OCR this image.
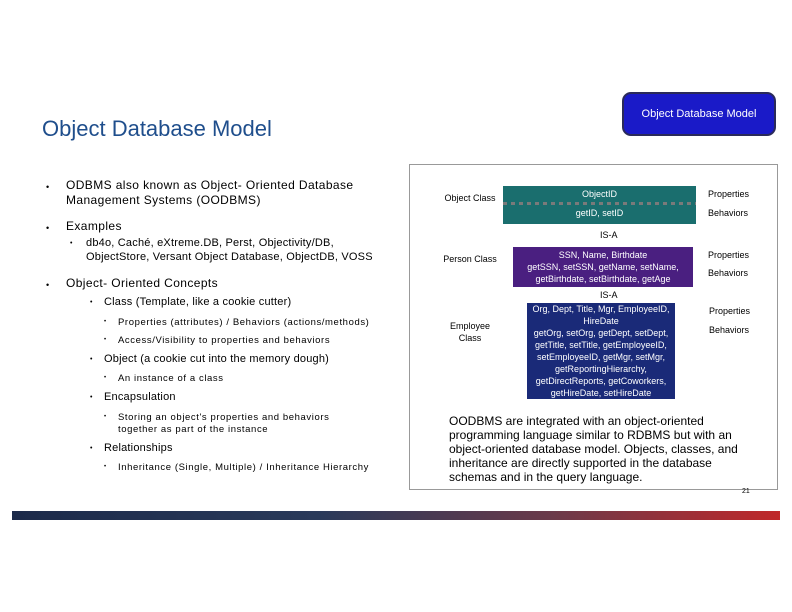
Object Database Model
Object Database Model
• ODBMS also known as Object- Oriented Database Management Systems (OODBMS)
• Examples
• db4o, Caché, eXtreme.DB, Perst, Objectivity/DB, ObjectStore, Versant Object Database, ObjectDB, VOSS
• Object- Oriented Concepts
• Class (Template, like a cookie cutter)
• Properties (attributes) / Behaviors (actions/methods)
• Access/Visibility to properties and behaviors
• Object (a cookie cut into the memory dough)
• An instance of a class
• Encapsulation
• Storing an object's properties and behaviors together as part of the instance
• Relationships
• Inheritance (Single, Multiple) / Inheritance Hierarchy
Object Class	ObjectID
getID, setID
Properties
Behaviors
IS-A
Person Class	SSN, Name, Birthdate
getSSN, setSSN, getName, setName, getBirthdate, setBirthdate, getAge
Properties
Behaviors
IS-A
Employee Class
Org, Dept, Title, Mgr, EmployeeID, HireDate
getOrg, setOrg, getDept, setDept, getTitle, setTitle, getEmployeeID, setEmployeeID, getMgr, setMgr, getReportingHierarchy, getDirectReports, getCoworkers, getHireDate, setHireDate
Properties
Behaviors
OODBMS are integrated with an object-oriented programming language similar to RDBMS but with an object-oriented database model. Objects, classes, and inheritance are directly supported in the database schemas and in the query language.
21
